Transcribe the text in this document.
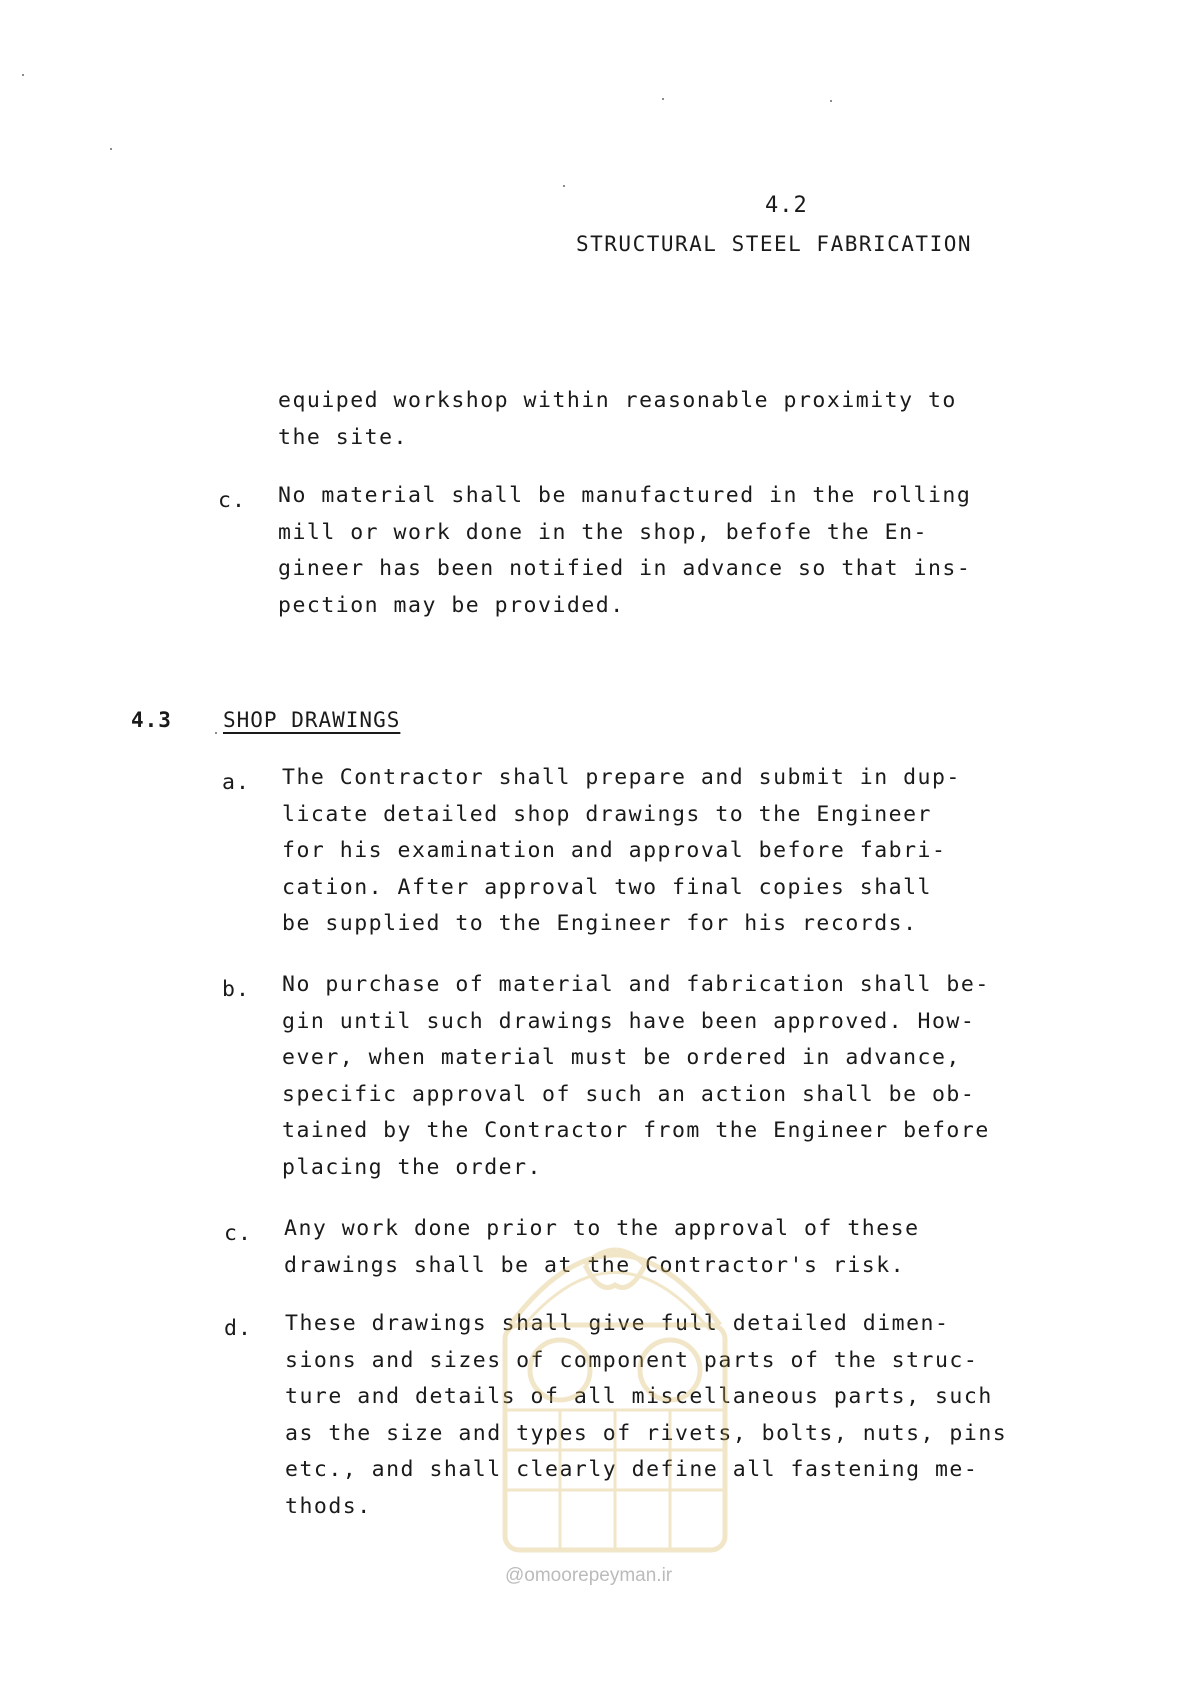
4.2
STRUCTURAL STEEL FABRICATION
equiped workshop within reasonable proximity to
the site.
c. No material shall be manufactured in the rolling
mill or work done in the shop, befofe the En-
gineer has been notified in advance so that ins-
pection may be provided.
4.3 SHOP DRAWINGS
a. The Contractor shall prepare and submit in dup-
licate detailed shop drawings to the Engineer
for his examination and approval before fabri-
cation. After approval two final copies shall
be supplied to the Engineer for his records.
b. No purchase of material and fabrication shall be-
gin until such drawings have been approved. How-
ever, when material must be ordered in advance,
specific approval of such an action shall be ob-
tained by the Contractor from the Engineer before
placing the order.
c. Any work done prior to the approval of these
drawings shall be at the Contractor's risk.
d. These drawings shall give full detailed dimen-
sions and sizes of component parts of the struc-
ture and details of all miscellaneous parts, such
as the size and types of rivets, bolts, nuts, pins
etc., and shall clearly define all fastening me-
thods.
@omoorepeyman.ir
